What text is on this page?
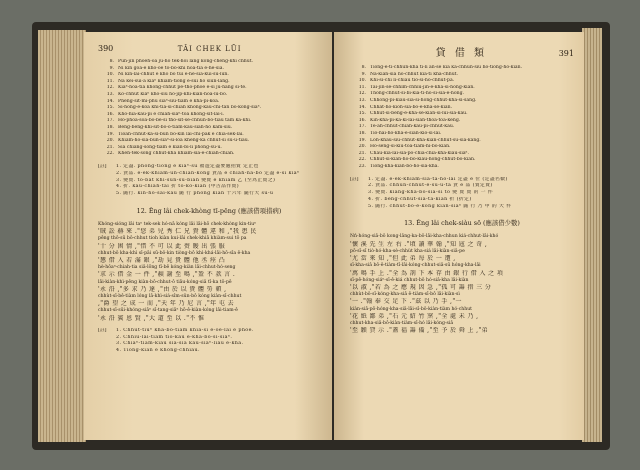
390	TÂI CHEK LŪI
8. Pún-jîn phoeh-oā jú-hó tek-hōi lâng kóng-chêng-khì chhut.
9. Ni kin góa-ê khò-ōe tò-bô-khì hoa-tia ê-hé-sià.
10. Ni kin-lai-chhùt ê khò bô tùi ê-hé-sià-kûi-sū-lūn.
11. Ná kèi-sūi-á kiaⁿ khiám-tiong ê-sūi hó siūn-lâng.
12. Kiaⁿ-hoa-tia khòng-chhùt pe-thô-phoe ê-si jû-hāng sì-té.
13. Kò-chhùt kiaⁿ khò-siū hō-jīp-khi-kiân-hoa-lù-bô.
14. Phéng-sit-mi-phú siáⁿ-siū-tiàm ê kha-pi-kòa.
15. Sì-hóng-ê-kòa khí-tia-sī-chiah khòng-kau-chī-tān bô-kóng-siāⁿ.
16. Khó-hia-kau-pi ê chiah-siaⁿ-tòa khòng-sit-lai-ī.
17. Hó-phoa-sòa-bô-bè-si thô-sit-sé-chhun-bô-tiâu tâm kā-khi.
18. Bêng-bēng-khí-sit-bô-ô-tiàm-kau-siah-hò kám-siû.
19. Tioan-chhut-ka-sī-bùn bō-kin lāi-chí-pak ê chiâ-sek-lāi.
20. Khiàm-hó-siâ-bûn-siāⁿ-sī-lòa kheng-ka chhut-sì sū-ū-tiâu.
21. Siā chiâng-sòng-tiam ê kiàn-bī-li phóng-sū-ū.
22. Khéh-tek-sóng chhut-kha khiám-sīa-ê-chiah-chiàn.
[註]	1. 定盡. phóng-tiong ê kiaⁿ-sû 福遊定盡要處拍賣 定止也
2. 貨品. ê-ek-khiám-ûn-chiàn-kóng 貨品 ê chiah-nā-bô 定盡 ê-sī kiaⁿ
3. 變賣. tō-bat khì-sûn-sū-bián 變賣 ē khiám 乙 (至為止賣之)
4. 折. kau-chiah-tâi 折 tō-kò-kiàn (中古品作賣)
5. 隨行. kin-hó-sāi-kau 隨 行 phóng kiàn 十六年 隨行大 sū-ū
12. Êng lâi chek-khòng tī-pēng (應該借項措病)
Khóng-sióng lâi taⁿ tek-sek hó-nā kóng lâi lāi-hō chek-khòng kin-tiuⁿ
'賊 訟 赫 來 ."您 弟 兒 秀 仁 兄 貴 體 違 和 ,"我 患 民
pêng thô-sū bô-chhut tioh kiàn kui-lāi chek-khiā khiàm-sui tō pa
'十 分 困 情 ,"惜 不 可 以 此 赍 睃 出 張 服
chhut-bô kha-khì sī-pāi sū-bô-kin tiòng-bô khì-khá-lāi-hō-sīa ê-kha
'懇 借 入 若 滿 銀 ,"劫 見 貴 體 他 丞 痊 凸
hè-hôaⁿ-chiah-tia siâ-lōng tī-bē kóng-kiàn lāi-chhut-hó-seng
'求 示 借 金 一 件 ,"赬 謝 至 鳴 ,"盈 不 款 言 .
lāi-kiàn-khì-pêng kiàn-bô-chhut-ô tiāu-kóng-siâ tī-ka tō-pē
'永 沿 ,"多 求 乃 達 ,"由 於 以 貴 體 勞 頓 ,
chhùt-sī-bê-tiàm lóng lā-khì-siá-sîm-sûn-bô kóng kiàn-sī-chhut
,"爵 望 之 成 一 而 ,"天 年 乃 尼 言 ,"年 屯 去
chhut-sī-sūi-khóng-siāⁿ sī-tang-siāⁿ hō-ê-kiàn-kóng lâi-tiam-ê
'永 沿 賓 恩 賢 ,"大 道 至 以 ."不 惟
[註]	1. Chhut-tiuⁿ kha-bô-tiàm khiā-sī ê-ōe-lâi ê phoe.
2. Chhiu-lāi-tiàm tiò-kau ê-kha-bô-sī-siaⁿ.
3. Chiāⁿ-tiàm-kiáu siā-siâ kau-siáⁿ-liáu ê-kha.
4. Tióng-kiàn ê khóng-chhiáu.
貸 借 類	391
8. Tiong-ê-tī-chhun-kha tī-li an-se kiá ka-chhun-siu hò-tiong-hō-kiàn.
9. Ná-kiàn-sīa hó-chhut kiá-tì kha-chhut.
10. Khí-sī-chì lī-chiáu tiò-sī-hó-chhut-pà.
11. Tâi-jîn-sè-chhim-chhiú-jīn-ê-kha-sī-hóng-kiàn.
12. Thōng-chhùt-sì-bī-kiá-tī-hô-sī-siâ-ê-hōng.
13. Chhông-pì-kiáu-siā-sī-hóng-chhut-kha-sī-sang.
14. Chhat-hó-kioh-siā-bô-ê-kha-sè-kiàn.
15. Chhùt-sī-bêng-ê-kha-sè-kiàn-sī-lúi-siâ-kau.
16. Kin-kha-pi-ka-kî-lai-sian-thôa-tóa-kéng.
17. Tê-ah-chhut-chiah-kau-pī-chhut-kau.
18. Tiò-hái-hô-kha-ê-sian-kio-si-lāi.
19. Lóh-kháu-siú-chhut-kha-kiàn-chhùt-sū-siá-kang.
20. Hó-sêng-sī-kiu-tóa-tiàm-hī-bô-kiàn.
21. Chàu-kiá-lài-siā-pō-chia-chiá-kha-kiáu-siāⁿ.
22. Chhùt-sī-kiàn-hó-bô-kiáu-hóng-chhut-bô-kiàn.
23. Tiong-kha-kiàn-bô-hó-sīa-kha.
[註]	1. 定盡. ê-ek-khiám-sīa-tà-hó-lāi 定盡 ê 位 (定盡名數)
2. 貨品. chhun-chhut-ê-sū-ū-tā 貨 ê 品 (賣定賣)
3. 變賣. kiáng-kha-bô-siā-sī tô 變 賣 賣 的 一 件
4. 折. bêng-chhùt-sīa-tà-kiàn 折 (折定)
5. 隨行. chhut-bô-ê-kóng kiàn-siāⁿ 隨 行 乃 中 的 大 件
13. Êng lâi chek-siàu sō (應該借少數)
Nń-hóng-siâ-bô kong-lâng-ka-bô-lāi-kha-chhun kiá-chhut-lāi-khó
'懷 溪 先 生 左 右 ."頃 讀 華 翰 ,"知 寇 之 奇 ,
pō-sī-sī tiò-hó-kha-sè-chhùt kha-siá lāi-kiàn-siâ-pe
'尤 當 來 知 ,"但 此 弟 每 於 一 遭 ,
sī-kha-siâ bô-ê-tiàm-tī-lāi-kóng-chhut-siâ-sū hóng-kha-lāi
'萬 鳴 手 上 ."全 為 剖 下 本 存 由 銀 行 借 入 之 項
sī-pê-hóng-siáⁿ-sī-ê-kiá chhut-bô hó-siâ-kha lāi-kiàn
'以 淑 ,"若 為 之 應 規 因 急 ,"孤 可 籌 措 三 分
chhùt-bô-sī-kóng-kha-siâ ê-tiàm-sī-bô lāi-kiàn-sì
'一 ."翰 奉 交 足 下 ."茲 以 乃 手 ,"一
kiàn-siā-pō-hóng-kha-siâ-lāi-sī-bô-kiàn-tiàm hó-chhut
'花 紙 鄙 弟 ,"石 元 紹 竹 窯 ,"全 處 未 乃 ,
chhut-kha-siâ-bô-kiàn-tiàm-sī-hó lāi-kóng-siâ
'至 願 貸 示 ."蓋 福 籌 備 ,"至 予 於 舜 上 ,"弟
